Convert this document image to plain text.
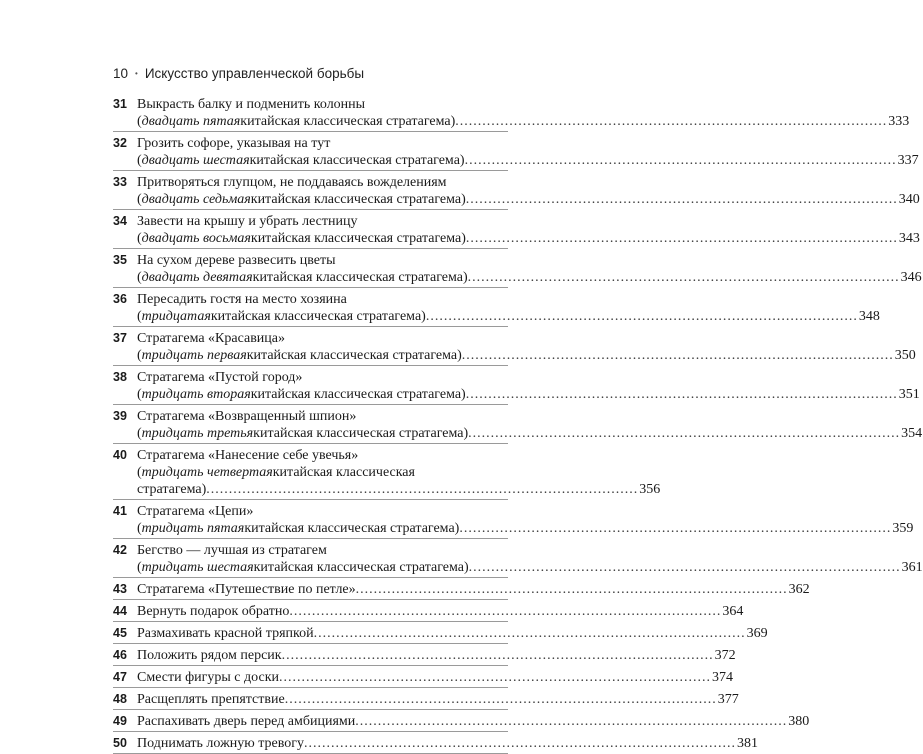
10 • Искусство управленческой борьбы
31 Выкрасть балку и подменить колонны
( двадцать пятая китайская классическая стратагема) .....	333
32 Грозить софоре, указывая на тут
( двадцать шестая китайская классическая стратагема) .....	337
33 Притворяться глупцом, не поддаваясь вожделениям
( двадцать седьмая китайская классическая стратагема) .....	340
34 Завести на крышу и убрать лестницу
( двадцать восьмая китайская классическая стратагема) .....	343
35 На сухом дереве развесить цветы
( двадцать девятая китайская классическая стратагема) .....	346
36 Пересадить гостя на место хозяина
( тридцатая китайская классическая стратагема) .....	348
37 Стратагема «Красавица»
( тридцать первая китайская классическая стратагема) .....	350
38 Стратагема «Пустой город»
( тридцать вторая китайская классическая стратагема) .....	351
39 Стратагема «Возвращенный шпион»
( тридцать третья китайская классическая стратагема) .....	354
40 Стратагема «Нанесение себе увечья»
( тридцать четвертая китайская классическая
стратагема) .....	356
41 Стратагема «Цепи»
( тридцать пятая китайская классическая стратагема) .....	359
42 Бегство — лучшая из стратагем
( тридцать шестая китайская классическая стратагема) .....	361
43 Стратагема «Путешествие по петле» .....	362
44 Вернуть подарок обратно .....	364
45 Размахивать красной тряпкой .....	369
46 Положить рядом персик .....	372
47 Смести фигуры с доски .....	374
48 Расщеплять препятствие .....	377
49 Распахивать дверь перед амбициями .....	380
50 Поднимать ложную тревогу .....	381
